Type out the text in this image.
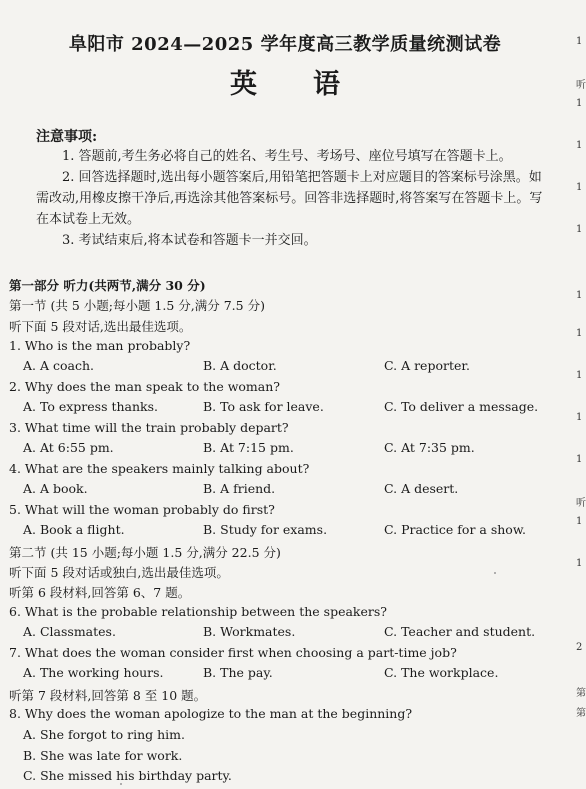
阜阳市 2024—2025 学年度高三教学质量统测试卷
英语
注意事项:
1. 答题前,考生务必将自己的姓名、考生号、考场号、座位号填写在答题卡上。
2. 回答选择题时,选出每小题答案后,用铅笔把答题卡上对应题目的答案标号涂黑。如需改动,用橡皮擦干净后,再选涂其他答案标号。回答非选择题时,将答案写在答题卡上。写在本试卷上无效。
3. 考试结束后,将本试卷和答题卡一并交回。
第一部分 听力(共两节,满分 30 分)
第一节 (共 5 小题;每小题 1.5 分,满分 7.5 分)
听下面 5 段对话,选出最佳选项。
1. Who is the man probably?
A. A coach.	B. A doctor.	C. A reporter.
2. Why does the man speak to the woman?
A. To express thanks.	B. To ask for leave.	C. To deliver a message.
3. What time will the train probably depart?
A. At 6:55 pm.	B. At 7:15 pm.	C. At 7:35 pm.
4. What are the speakers mainly talking about?
A. A book.	B. A friend.	C. A desert.
5. What will the woman probably do first?
A. Book a flight.	B. Study for exams.	C. Practice for a show.
第二节 (共 15 小题;每小题 1.5 分,满分 22.5 分)
听下面 5 段对话或独白,选出最佳选项。
听第 6 段材料,回答第 6、7 题。
6. What is the probable relationship between the speakers?
A. Classmates.	B. Workmates.	C. Teacher and student.
7. What does the woman consider first when choosing a part-time job?
A. The working hours.	B. The pay.	C. The workplace.
听第 7 段材料,回答第 8 至 10 题。
8. Why does the woman apologize to the man at the beginning?
A. She forgot to ring him.
B. She was late for work.
C. She missed his birthday party.
1
听
1
1
1
1
1
1
1
1
1
听
1
1
2
第
第
